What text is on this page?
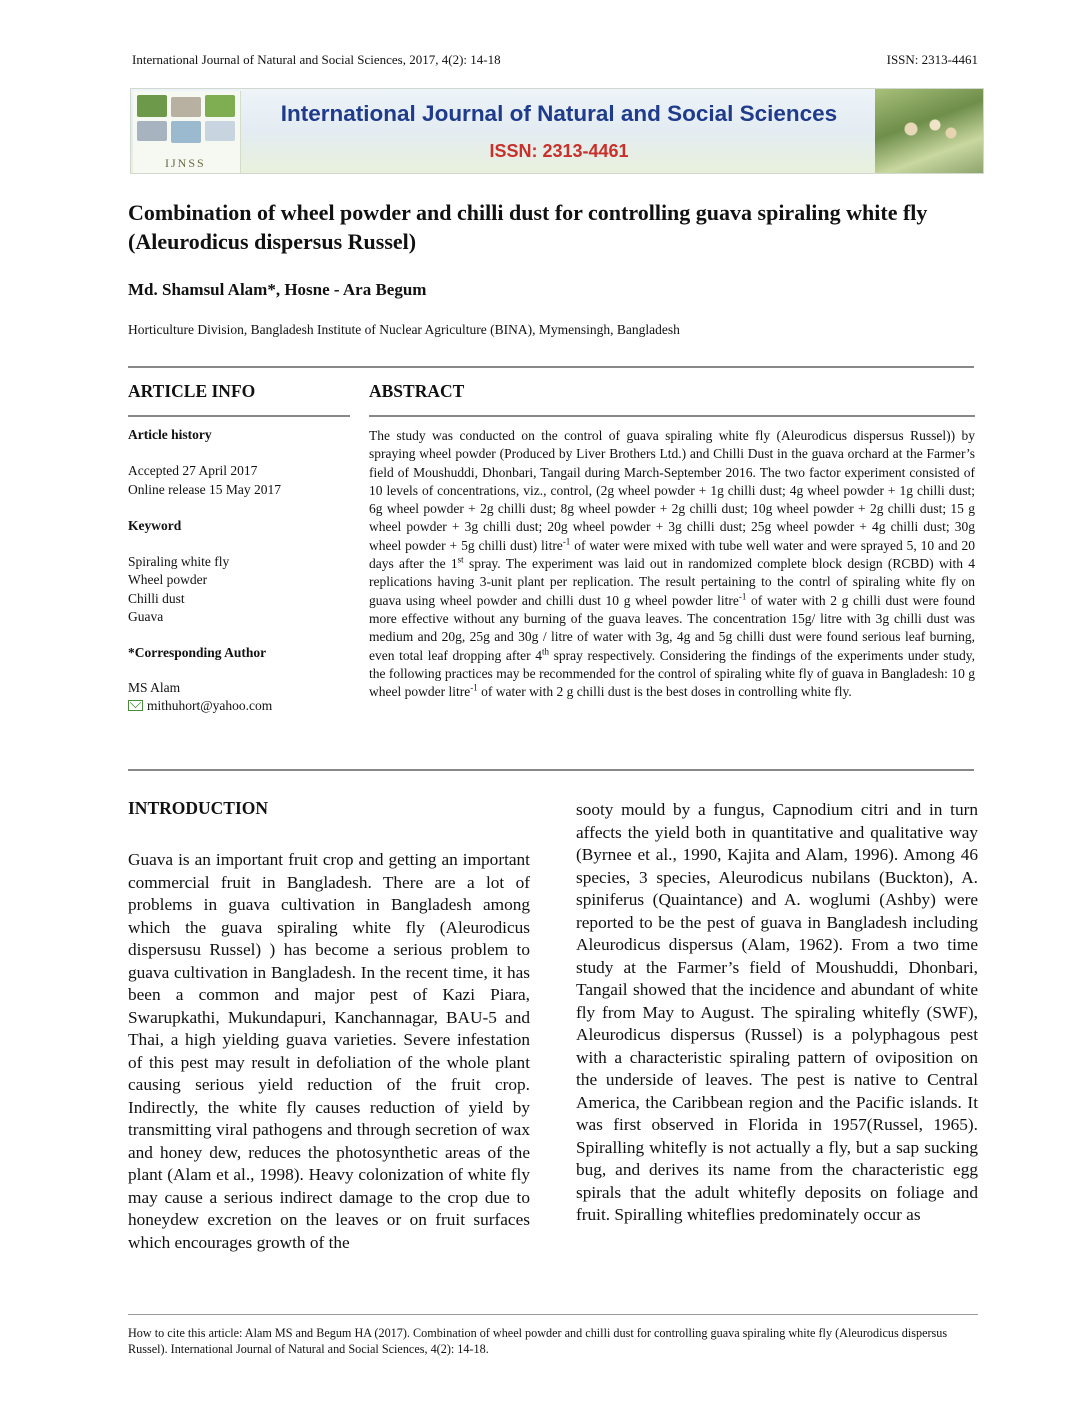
International Journal of Natural and Social Sciences, 2017, 4(2): 14-18	ISSN: 2313-4461
IJNSS
International Journal of Natural and Social Sciences
ISSN: 2313-4461
Combination of wheel powder and chilli dust for controlling guava spiraling white fly (Aleurodicus dispersus Russel)
Md. Shamsul Alam*, Hosne - Ara Begum
Horticulture Division, Bangladesh Institute of Nuclear Agriculture (BINA), Mymensingh, Bangladesh
ARTICLE INFO	ABSTRACT
Article history
Accepted 27 April 2017
Online release 15 May 2017
Keyword
Spiraling white fly
Wheel powder
Chilli dust
Guava
*Corresponding Author
MS Alam
mithuhort@yahoo.com
The study was conducted on the control of guava spiraling white fly (Aleurodicus dispersus Russel)) by spraying wheel powder (Produced by Liver Brothers Ltd.) and Chilli Dust in the guava orchard at the Farmer’s field of Moushuddi, Dhonbari, Tangail during March-September 2016. The two factor experiment consisted of 10 levels of concentrations, viz., control, (2g wheel powder + 1g chilli dust; 4g wheel powder + 1g chilli dust; 6g wheel powder + 2g chilli dust; 8g wheel powder + 2g chilli dust; 10g wheel powder + 2g chilli dust; 15 g wheel powder + 3g chilli dust; 20g wheel powder + 3g chilli dust; 25g wheel powder + 4g chilli dust; 30g wheel powder + 5g chilli dust) litre$^{-1}$ of water were mixed with tube well water and were sprayed 5, 10 and 20 days after the 1st spray. The experiment was laid out in randomized complete block design (RCBD) with 4 replications having 3-unit plant per replication. The result pertaining to the contrl of spiraling white fly on guava using wheel powder and chilli dust 10 g wheel powder litre$^{-1}$ of water with 2 g chilli dust were found more effective without any burning of the guava leaves. The concentration 15g/ litre with 3g chilli dust was medium and 20g, 25g and 30g / litre of water with 3g, 4g and 5g chilli dust were found serious leaf burning, even total leaf dropping after 4th spray respectively. Considering the findings of the experiments under study, the following practices may be recommended for the control of spiraling white fly of guava in Bangladesh: 10 g wheel powder litre$^{-1}$ of water with 2 g chilli dust is the best doses in controlling white fly.
INTRODUCTION
Guava is an important fruit crop and getting an important commercial fruit in Bangladesh. There are a lot of problems in guava cultivation in Bangladesh among which the guava spiraling white fly (Aleurodicus dispersusu Russel) ) has become a serious problem to guava cultivation in Bangladesh. In the recent time, it has been a common and major pest of Kazi Piara, Swarupkathi, Mukundapuri, Kanchannagar, BAU-5 and Thai, a high yielding guava varieties. Severe infestation of this pest may result in defoliation of the whole plant causing serious yield reduction of the fruit crop. Indirectly, the white fly causes reduction of yield by transmitting viral pathogens and through secretion of wax and honey dew, reduces the photosynthetic areas of the plant (Alam et al., 1998). Heavy colonization of white fly may cause a serious indirect damage to the crop due to honeydew excretion on the leaves or on fruit surfaces which encourages growth of the
sooty mould by a fungus, Capnodium citri and in turn affects the yield both in quantitative and qualitative way (Byrnee et al., 1990, Kajita and Alam, 1996). Among 46 species, 3 species, Aleurodicus nubilans (Buckton), A. spiniferus (Quaintance) and A. woglumi (Ashby) were reported to be the pest of guava in Bangladesh including Aleurodicus dispersus (Alam, 1962). From a two time study at the Farmer’s field of Moushuddi, Dhonbari, Tangail showed that the incidence and abundant of white fly from May to August. The spiraling whitefly (SWF), Aleurodicus dispersus (Russel) is a polyphagous pest with a characteristic spiraling pattern of oviposition on the underside of leaves. The pest is native to Central America, the Caribbean region and the Pacific islands. It was first observed in Florida in 1957(Russel, 1965). Spiralling whitefly is not actually a fly, but a sap sucking bug, and derives its name from the characteristic egg spirals that the adult whitefly deposits on foliage and fruit. Spiralling whiteflies predominately occur as
How to cite this article: Alam MS and Begum HA (2017). Combination of wheel powder and chilli dust for controlling guava spiraling white fly (Aleurodicus dispersus Russel). International Journal of Natural and Social Sciences, 4(2): 14-18.
